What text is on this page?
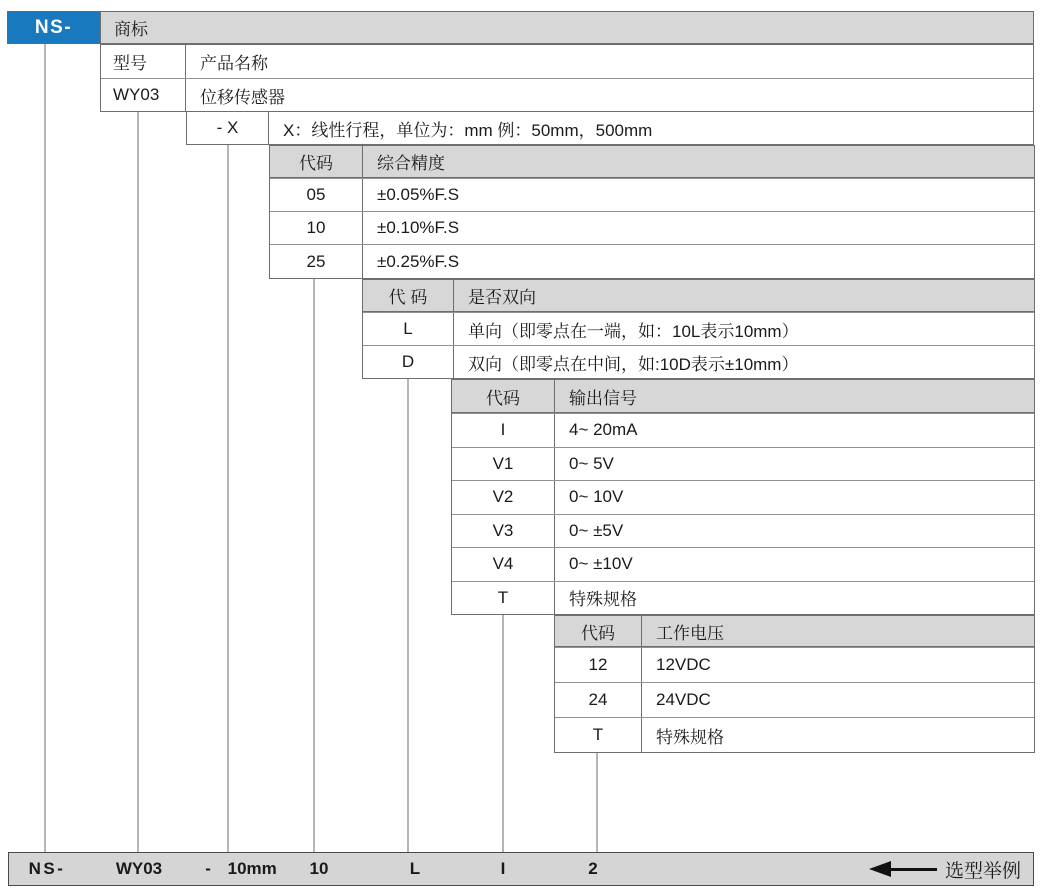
NS-	商标
型号	产品名称
WY03	位移传感器
- X	X：线性行程，单位为：mm 例：50mm，500mm
代码	综合精度
05	±0.05%F.S
10	±0.10%F.S
25	±0.25%F.S
代 码	是否双向
L	单向（即零点在一端，如：10L表示10mm）
D	双向（即零点在中间，如:10D表示±10mm）
代码	输出信号
I	4~ 20mA
V1	0~ 5V
V2	0~ 10V
V3	0~ ±5V
V4	0~ ±10V
T	特殊规格
代码	工作电压
12	12VDC
24	24VDC
T	特殊规格
NS-	WY03	- 10mm	10	L	I	2	选型举例
